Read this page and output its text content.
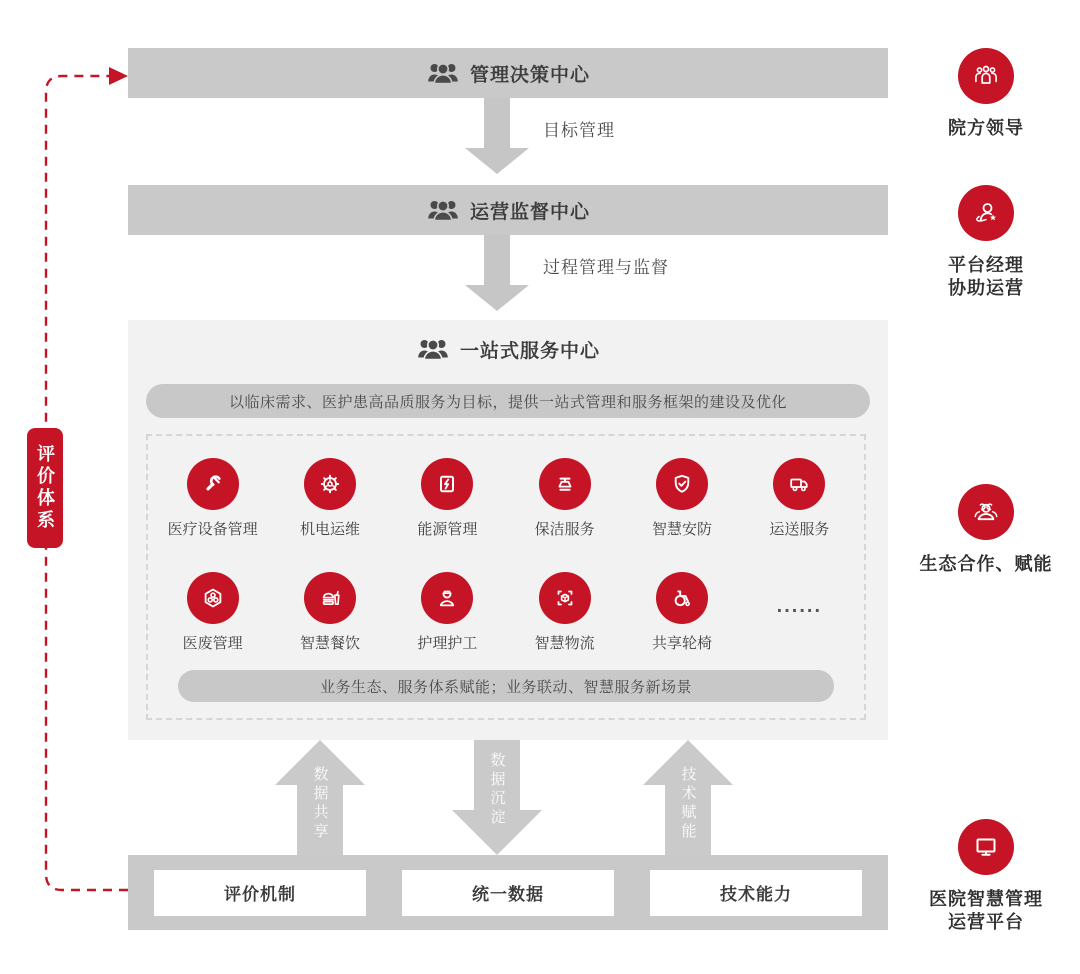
评价体系
管理决策中心
目标管理
运营监督中心
过程管理与监督
一站式服务中心
以临床需求、医护患高品质服务为目标，提供一站式管理和服务框架的建设及优化
医疗设备管理	机电运维	能源管理	保洁服务	智慧安防	运送服务
医废管理	智慧餐饮	护理护工	智慧物流	共享轮椅
......
业务生态、服务体系赋能；业务联动、智慧服务新场景
数据共享	数据沉淀	技术赋能
评价机制	统一数据	技术能力
院方领导
平台经理
协助运营
生态合作、赋能
医院智慧管理
运营平台
